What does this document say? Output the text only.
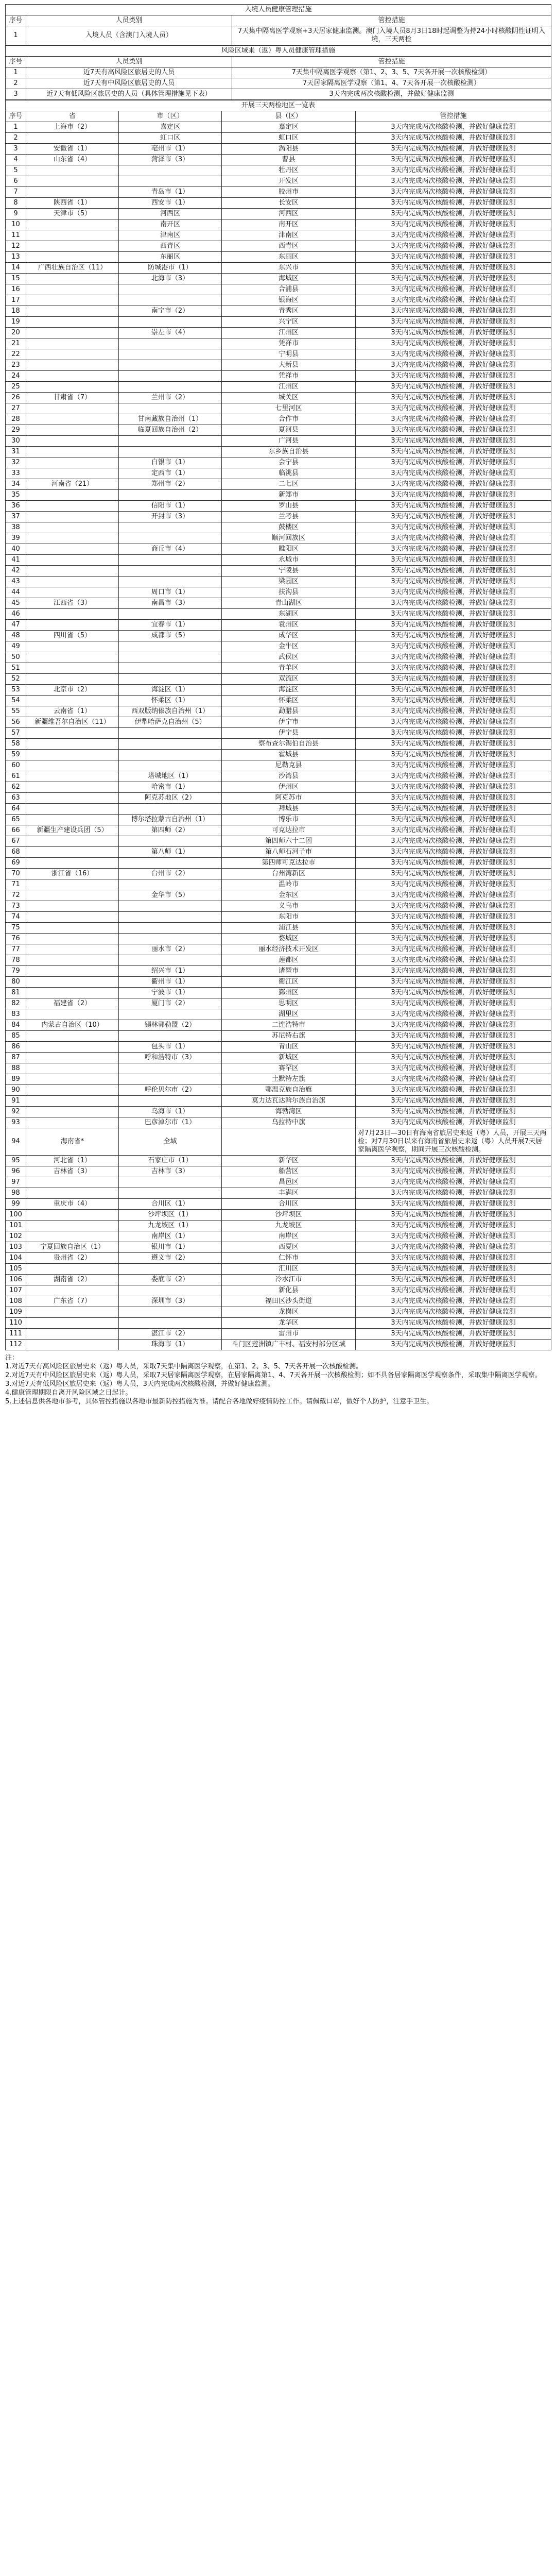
入境人员健康管理措施		
序号	人员类别	管控措施
1	入境人员（含澳门入境人员）	7天集中隔离医学观察+3天居家健康监测。澳门入境人员8月3日18时起调整为持24小时核酸阴性证明入境，三天两检
风险区域来（返）粤人员健康管理措施		
序号	人员类别	管控措施
1	近7天有高风险区旅居史的人员	7天集中隔离医学观察（第1、2、3、5、7天各开展一次核酸检测）
2	近7天有中风险区旅居史的人员	7天居家隔离医学观察（第1、4、7天各开展一次核酸检测）
3	近7天有低风险区旅居史的人员（具体管理措施见下表）	3天内完成两次核酸检测，并做好健康监测
开展三天两检地区一览表				
序号	省	市（区）	县（区）	管控措施
1	上海市（2）	嘉定区	嘉定区	3天内完成两次核酸检测，并做好健康监测
2		虹口区	虹口区	3天内完成两次核酸检测，并做好健康监测
3	安徽省（1）	亳州市（1）	涡阳县	3天内完成两次核酸检测，并做好健康监测
4	山东省（4）	菏泽市（3）	曹县	3天内完成两次核酸检测，并做好健康监测
5			牡丹区	3天内完成两次核酸检测，并做好健康监测
6			开发区	3天内完成两次核酸检测，并做好健康监测
7		青岛市（1）	胶州市	3天内完成两次核酸检测，并做好健康监测
8	陕西省（1）	西安市（1）	长安区	3天内完成两次核酸检测，并做好健康监测
9	天津市（5）	河西区	河西区	3天内完成两次核酸检测，并做好健康监测
10		南开区	南开区	3天内完成两次核酸检测，并做好健康监测
11		津南区	津南区	3天内完成两次核酸检测，并做好健康监测
12		西青区	西青区	3天内完成两次核酸检测，并做好健康监测
13		东丽区	东丽区	3天内完成两次核酸检测，并做好健康监测
14	广西壮族自治区（11）	防城港市（1）	东兴市	3天内完成两次核酸检测，并做好健康监测
15		北海市（3）	海城区	3天内完成两次核酸检测，并做好健康监测
16			合浦县	3天内完成两次核酸检测，并做好健康监测
17			银海区	3天内完成两次核酸检测，并做好健康监测
18		南宁市（2）	青秀区	3天内完成两次核酸检测，并做好健康监测
19			兴宁区	3天内完成两次核酸检测，并做好健康监测
20		崇左市（4）	江州区	3天内完成两次核酸检测，并做好健康监测
21			凭祥市	3天内完成两次核酸检测，并做好健康监测
22			宁明县	3天内完成两次核酸检测，并做好健康监测
23			大新县	3天内完成两次核酸检测，并做好健康监测
24			凭祥市	3天内完成两次核酸检测，并做好健康监测
25			江州区	3天内完成两次核酸检测，并做好健康监测
26	甘肃省（7）	兰州市（2）	城关区	3天内完成两次核酸检测，并做好健康监测
27			七里河区	3天内完成两次核酸检测，并做好健康监测
28		甘南藏族自治州（1）	合作市	3天内完成两次核酸检测，并做好健康监测
29		临夏回族自治州（2）	夏河县	3天内完成两次核酸检测，并做好健康监测
30			广河县	3天内完成两次核酸检测，并做好健康监测
31			东乡族自治县	3天内完成两次核酸检测，并做好健康监测
32		白银市（1）	会宁县	3天内完成两次核酸检测，并做好健康监测
33		定西市（1）	临洮县	3天内完成两次核酸检测，并做好健康监测
34	河南省（21）	郑州市（2）	二七区	3天内完成两次核酸检测，并做好健康监测
35			新郑市	3天内完成两次核酸检测，并做好健康监测
36		信阳市（1）	罗山县	3天内完成两次核酸检测，并做好健康监测
37		开封市（3）	兰考县	3天内完成两次核酸检测，并做好健康监测
38			鼓楼区	3天内完成两次核酸检测，并做好健康监测
39			顺河回族区	3天内完成两次核酸检测，并做好健康监测
40		商丘市（4）	睢阳区	3天内完成两次核酸检测，并做好健康监测
41			永城市	3天内完成两次核酸检测，并做好健康监测
42			宁陵县	3天内完成两次核酸检测，并做好健康监测
43			梁园区	3天内完成两次核酸检测，并做好健康监测
44		周口市（1）	扶沟县	3天内完成两次核酸检测，并做好健康监测
45	江西省（3）	南昌市（3）	青山湖区	3天内完成两次核酸检测，并做好健康监测
46			东湖区	3天内完成两次核酸检测，并做好健康监测
47		宜春市（1）	袁州区	3天内完成两次核酸检测，并做好健康监测
48	四川省（5）	成都市（5）	成华区	3天内完成两次核酸检测，并做好健康监测
49			金牛区	3天内完成两次核酸检测，并做好健康监测
50			武侯区	3天内完成两次核酸检测，并做好健康监测
51			青羊区	3天内完成两次核酸检测，并做好健康监测
52			双流区	3天内完成两次核酸检测，并做好健康监测
53	北京市（2）	海淀区（1）	海淀区	3天内完成两次核酸检测，并做好健康监测
54		怀柔区（1）	怀柔区	3天内完成两次核酸检测，并做好健康监测
55	云南省（1）	西双版纳傣族自治州（1）	勐腊县	3天内完成两次核酸检测，并做好健康监测
56	新疆维吾尔自治区（11）	伊犁哈萨克自治州（5）	伊宁市	3天内完成两次核酸检测，并做好健康监测
57			伊宁县	3天内完成两次核酸检测，并做好健康监测
58			察布查尔锡伯自治县	3天内完成两次核酸检测，并做好健康监测
59			霍城县	3天内完成两次核酸检测，并做好健康监测
60			尼勒克县	3天内完成两次核酸检测，并做好健康监测
61		塔城地区（1）	沙湾县	3天内完成两次核酸检测，并做好健康监测
62		哈密市（1）	伊州区	3天内完成两次核酸检测，并做好健康监测
63		阿克苏地区（2）	阿克苏市	3天内完成两次核酸检测，并做好健康监测
64			拜城县	3天内完成两次核酸检测，并做好健康监测
65		博尔塔拉蒙古自治州（1）	博乐市	3天内完成两次核酸检测，并做好健康监测
66	新疆生产建设兵团（5）	第四师（2）	可克达拉市	3天内完成两次核酸检测，并做好健康监测
67			第四师六十二团	3天内完成两次核酸检测，并做好健康监测
68		第八师（1）	第八师石河子市	3天内完成两次核酸检测，并做好健康监测
69			第四师可克达拉市	3天内完成两次核酸检测，并做好健康监测
70	浙江省（16）	台州市（2）	台州湾新区	3天内完成两次核酸检测，并做好健康监测
71			温岭市	3天内完成两次核酸检测，并做好健康监测
72		金华市（5）	金东区	3天内完成两次核酸检测，并做好健康监测
73			义乌市	3天内完成两次核酸检测，并做好健康监测
74			东阳市	3天内完成两次核酸检测，并做好健康监测
75			浦江县	3天内完成两次核酸检测，并做好健康监测
76			婺城区	3天内完成两次核酸检测，并做好健康监测
77		丽水市（2）	丽水经济技术开发区	3天内完成两次核酸检测，并做好健康监测
78			莲都区	3天内完成两次核酸检测，并做好健康监测
79		绍兴市（1）	诸暨市	3天内完成两次核酸检测，并做好健康监测
80		衢州市（1）	衢江区	3天内完成两次核酸检测，并做好健康监测
81		宁波市（1）	鄞州区	3天内完成两次核酸检测，并做好健康监测
82	福建省（2）	厦门市（2）	思明区	3天内完成两次核酸检测，并做好健康监测
83			湖里区	3天内完成两次核酸检测，并做好健康监测
84	内蒙古自治区（10）	锡林郭勒盟（2）	二连浩特市	3天内完成两次核酸检测，并做好健康监测
85			苏尼特右旗	3天内完成两次核酸检测，并做好健康监测
86		包头市（1）	青山区	3天内完成两次核酸检测，并做好健康监测
87		呼和浩特市（3）	新城区	3天内完成两次核酸检测，并做好健康监测
88			赛罕区	3天内完成两次核酸检测，并做好健康监测
89			土默特左旗	3天内完成两次核酸检测，并做好健康监测
90		呼伦贝尔市（2）	鄂温克族自治旗	3天内完成两次核酸检测，并做好健康监测
91			莫力达瓦达斡尔族自治旗	3天内完成两次核酸检测，并做好健康监测
92		乌海市（1）	海勃湾区	3天内完成两次核酸检测，并做好健康监测
93		巴彦淖尔市（1）	乌拉特中旗	3天内完成两次核酸检测，并做好健康监测
94	海南省*	全域		对7月23日—30日有海南省旅居史来返（粤）人员，开展三天两检；对7月30日以来有海南省旅居史来返（粤）人员开展7天居家隔离医学观察，期间开展三次核酸检测。
95	河北省（1）	石家庄市（1）	新华区	3天内完成两次核酸检测，并做好健康监测
96	吉林省（3）	吉林市（3）	船营区	3天内完成两次核酸检测，并做好健康监测
97			昌邑区	3天内完成两次核酸检测，并做好健康监测
98			丰满区	3天内完成两次核酸检测，并做好健康监测
99	重庆市（4）	合川区（1）	合川区	3天内完成两次核酸检测，并做好健康监测
100		沙坪坝区（1）	沙坪坝区	3天内完成两次核酸检测，并做好健康监测
101		九龙坡区（1）	九龙坡区	3天内完成两次核酸检测，并做好健康监测
102		南岸区（1）	南岸区	3天内完成两次核酸检测，并做好健康监测
103	宁夏回族自治区（1）	银川市（1）	西夏区	3天内完成两次核酸检测，并做好健康监测
104	贵州省（2）	遵义市（2）	仁怀市	3天内完成两次核酸检测，并做好健康监测
105			汇川区	3天内完成两次核酸检测，并做好健康监测
106	湖南省（2）	娄底市（2）	冷水江市	3天内完成两次核酸检测，并做好健康监测
107			新化县	3天内完成两次核酸检测，并做好健康监测
108	广东省（7）	深圳市（3）	福田区沙头街道	3天内完成两次核酸检测，并做好健康监测
109			龙岗区	3天内完成两次核酸检测，并做好健康监测
110			龙华区	3天内完成两次核酸检测，并做好健康监测
111		湛江市（2）	雷州市	3天内完成两次核酸检测，并做好健康监测
112		珠海市（1）	斗门区莲洲镇广丰村、福安村部分区域	3天内完成两次核酸检测，并做好健康监测

注：

1.对近7天有高风险区旅居史来（返）粤人员，采取7天集中隔离医学观察，在第1、2、3、5、7天各开展一次核酸检测。

2.对近7天有中风险区旅居史来（返）粤人员，采取7天居家隔离医学观察，在居家隔离第1、4、7天各开展一次核酸检测；如不具备居家隔离医学观察条件，采取集中隔离医学观察。

3.对近7天有低风险区旅居史来（返）粤人员，3天内完成两次核酸检测，并做好健康监测。

4.健康管理期限自离开风险区域之日起计。

5.上述信息供各地市参考，具体管控措施以各地市最新防控措施为准。请配合各地做好疫情防控工作。请佩戴口罩，做好个人防护，注意手卫生。
